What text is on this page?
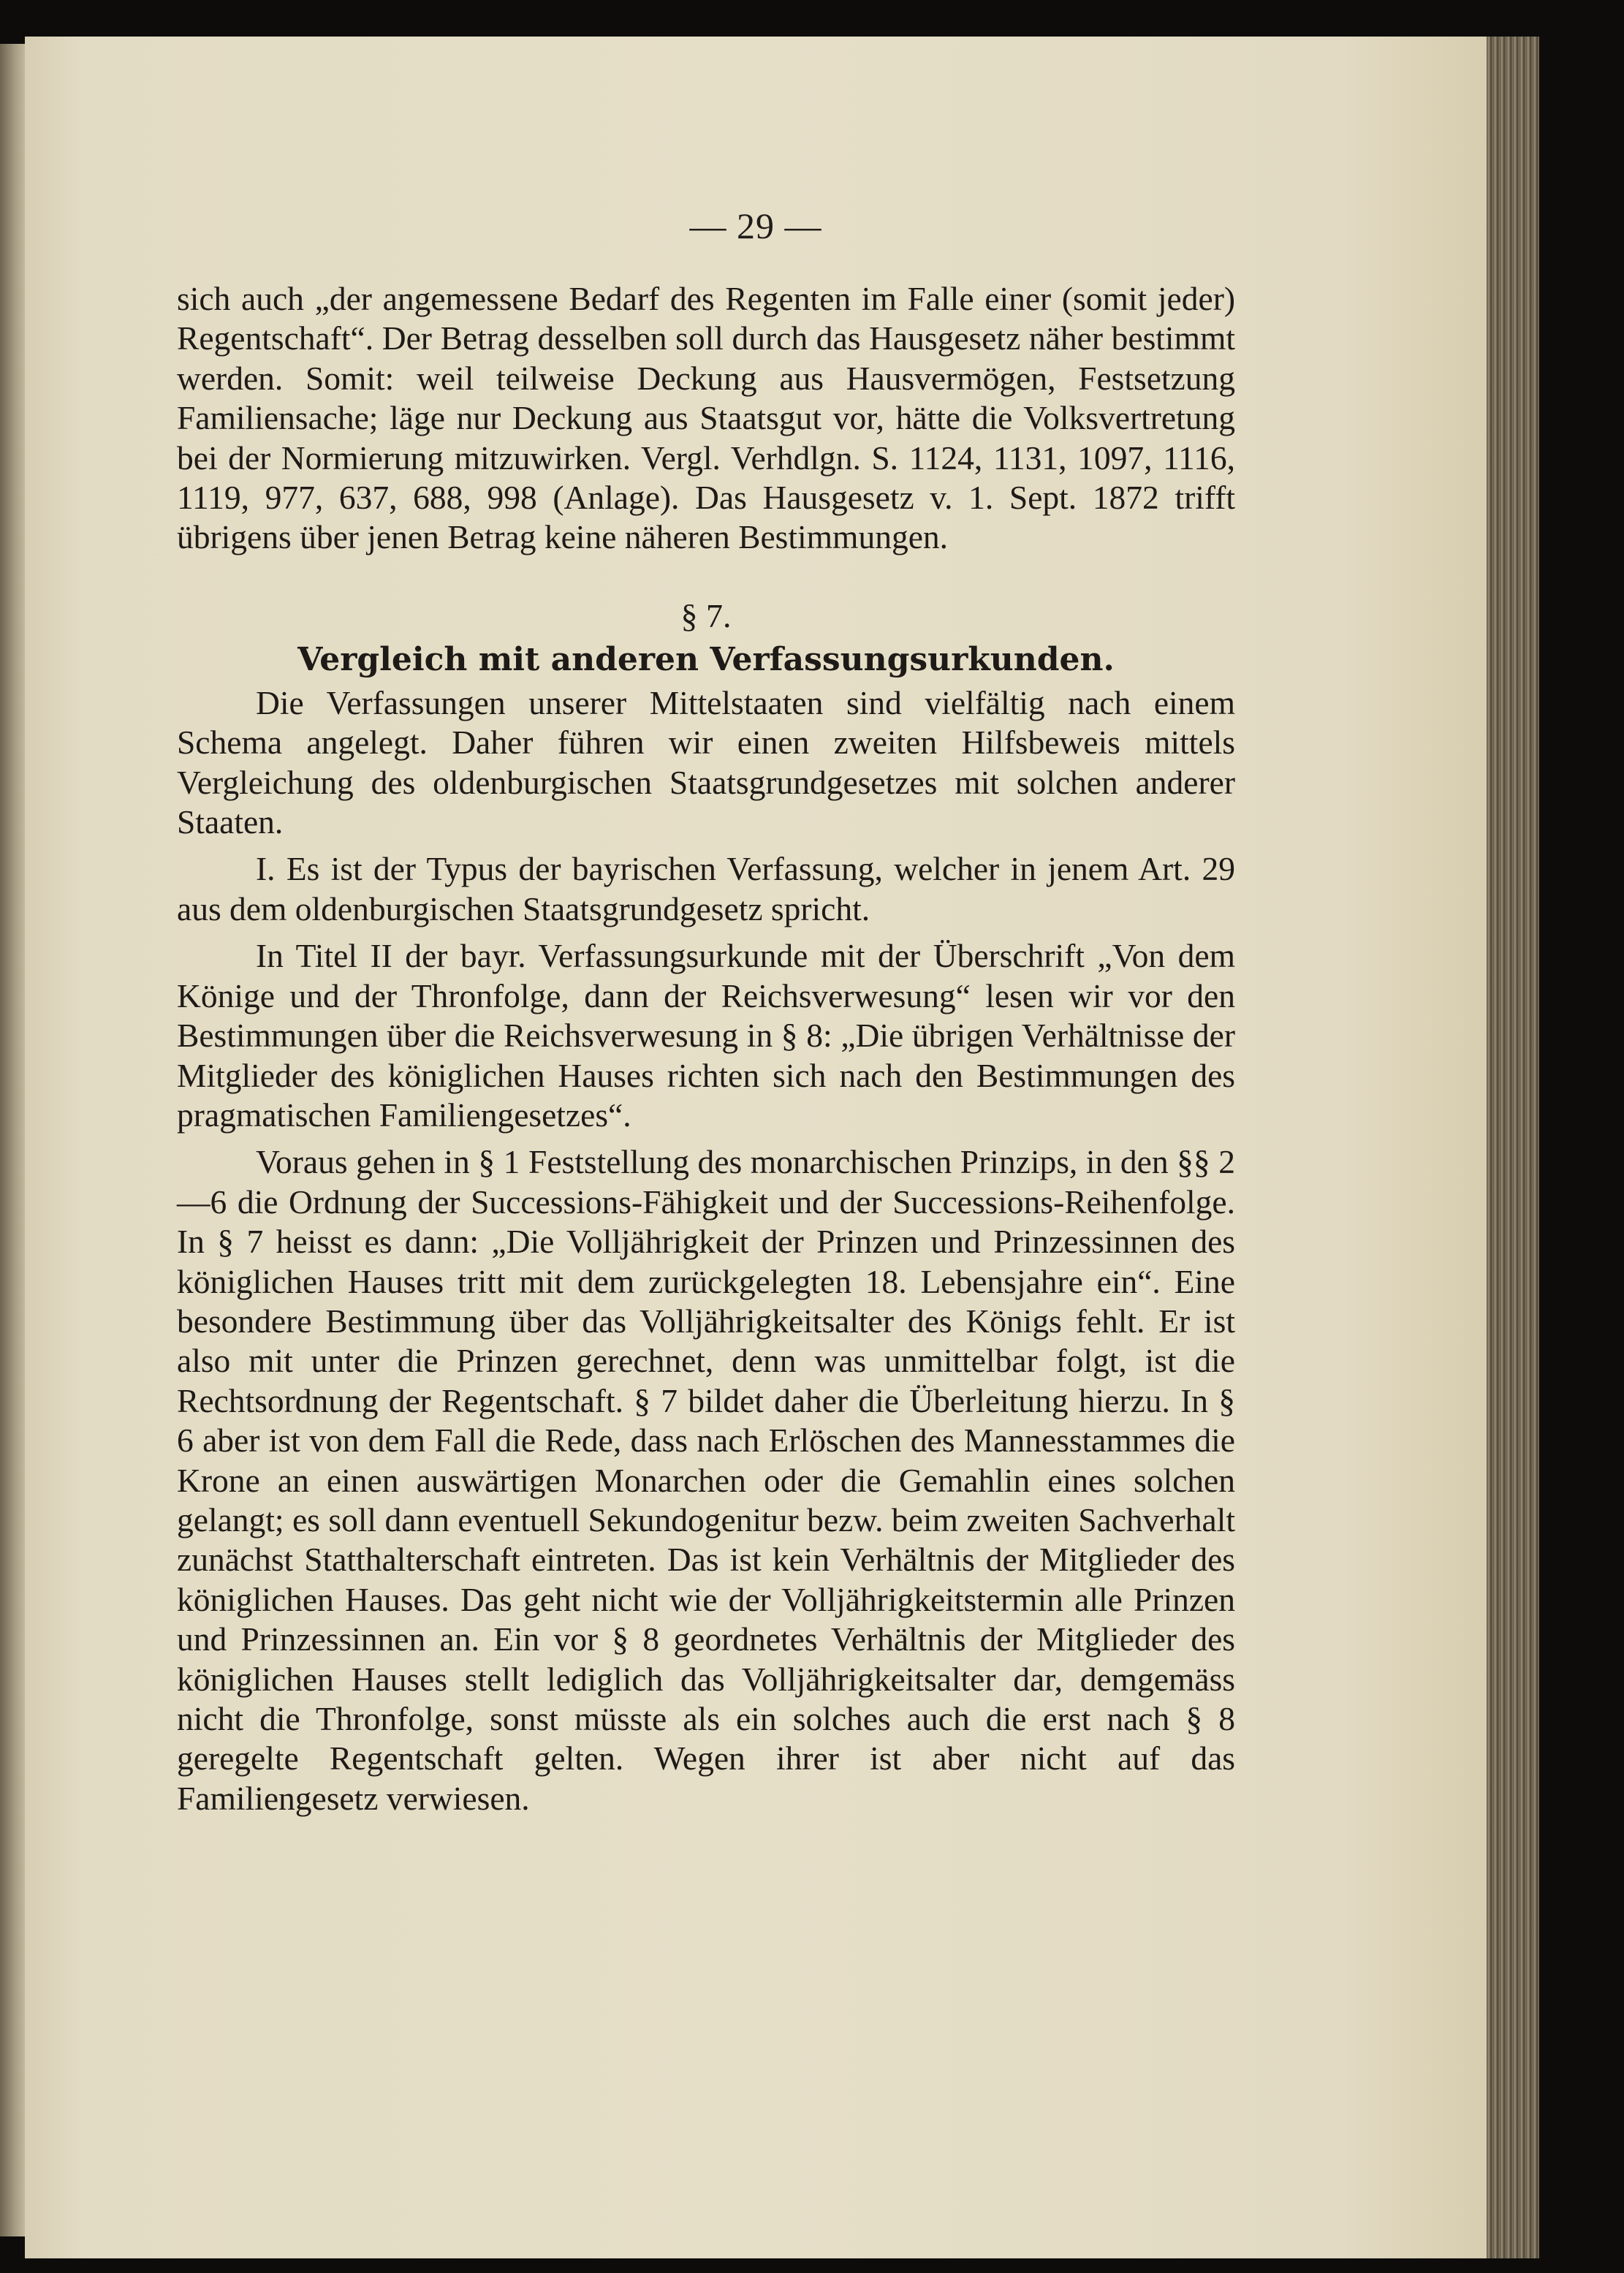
— 29 —

sich auch „der angemessene Bedarf des Regenten im Falle einer (somit jeder) Regentschaft“. Der Betrag desselben soll durch das Hausgesetz näher bestimmt werden. Somit: weil teilweise Deckung aus Hausvermögen, Festsetzung Familiensache; läge nur Deckung aus Staatsgut vor, hätte die Volksvertretung bei der Normierung mitzuwirken. Vergl. Verhdlgn. S. 1124, 1131, 1097, 1116, 1119, 977, 637, 688, 998 (Anlage). Das Hausgesetz v. 1. Sept. 1872 trifft übrigens über jenen Betrag keine näheren Bestimmungen.

§ 7.
Vergleich mit anderen Verfassungsurkunden.

Die Verfassungen unserer Mittelstaaten sind vielfältig nach einem Schema angelegt. Daher führen wir einen zweiten Hilfsbeweis mittels Vergleichung des oldenburgischen Staatsgrundgesetzes mit solchen anderer Staaten.

I. Es ist der Typus der bayrischen Verfassung, welcher in jenem Art. 29 aus dem oldenburgischen Staatsgrundgesetz spricht.

In Titel II der bayr. Verfassungsurkunde mit der Überschrift „Von dem Könige und der Thronfolge, dann der Reichsverwesung“ lesen wir vor den Bestimmungen über die Reichsverwesung in § 8: „Die übrigen Verhältnisse der Mitglieder des königlichen Hauses richten sich nach den Bestimmungen des pragmatischen Familiengesetzes“.

Voraus gehen in § 1 Feststellung des monarchischen Prinzips, in den §§ 2—6 die Ordnung der Successions-Fähigkeit und der Successions-Reihenfolge. In § 7 heisst es dann: „Die Volljährigkeit der Prinzen und Prinzessinnen des königlichen Hauses tritt mit dem zurückgelegten 18. Lebensjahre ein“. Eine besondere Bestimmung über das Volljährigkeitsalter des Königs fehlt. Er ist also mit unter die Prinzen gerechnet, denn was unmittelbar folgt, ist die Rechtsordnung der Regentschaft. § 7 bildet daher die Überleitung hierzu. In § 6 aber ist von dem Fall die Rede, dass nach Erlöschen des Mannesstammes die Krone an einen auswärtigen Monarchen oder die Gemahlin eines solchen gelangt; es soll dann eventuell Sekundogenitur bezw. beim zweiten Sachverhalt zunächst Statthalterschaft eintreten. Das ist kein Verhältnis der Mitglieder des königlichen Hauses. Das geht nicht wie der Volljährigkeitstermin alle Prinzen und Prinzessinnen an. Ein vor § 8 geordnetes Verhältnis der Mitglieder des königlichen Hauses stellt lediglich das Volljährigkeitsalter dar, demgemäss nicht die Thronfolge, sonst müsste als ein solches auch die erst nach § 8 geregelte Regentschaft gelten. Wegen ihrer ist aber nicht auf das Familiengesetz verwiesen.
